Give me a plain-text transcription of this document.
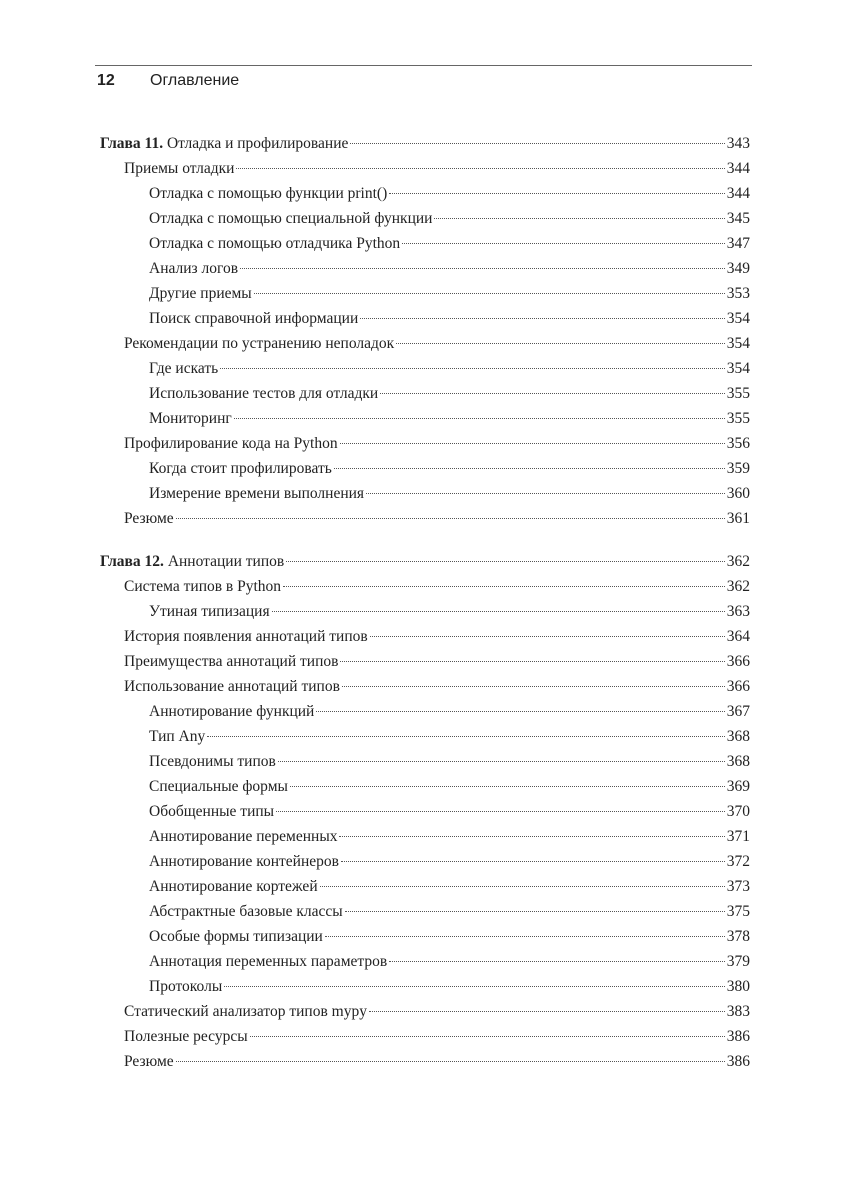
12 Оглавление
Глава 11. Отладка и профилирование	343
Приемы отладки	344
Отладка с помощью функции print()	344
Отладка с помощью специальной функции	345
Отладка с помощью отладчика Python	347
Анализ логов	349
Другие приемы	353
Поиск справочной информации	354
Рекомендации по устранению неполадок	354
Где искать	354
Использование тестов для отладки	355
Мониторинг	355
Профилирование кода на Python	356
Когда стоит профилировать	359
Измерение времени выполнения	360
Резюме	361
Глава 12. Аннотации типов	362
Система типов в Python	362
Утиная типизация	363
История появления аннотаций типов	364
Преимущества аннотаций типов	366
Использование аннотаций типов	366
Аннотирование функций	367
Тип Any	368
Псевдонимы типов	368
Специальные формы	369
Обобщенные типы	370
Аннотирование переменных	371
Аннотирование контейнеров	372
Аннотирование кортежей	373
Абстрактные базовые классы	375
Особые формы типизации	378
Аннотация переменных параметров	379
Протоколы	380
Статический анализатор типов mypy	383
Полезные ресурсы	386
Резюме	386
